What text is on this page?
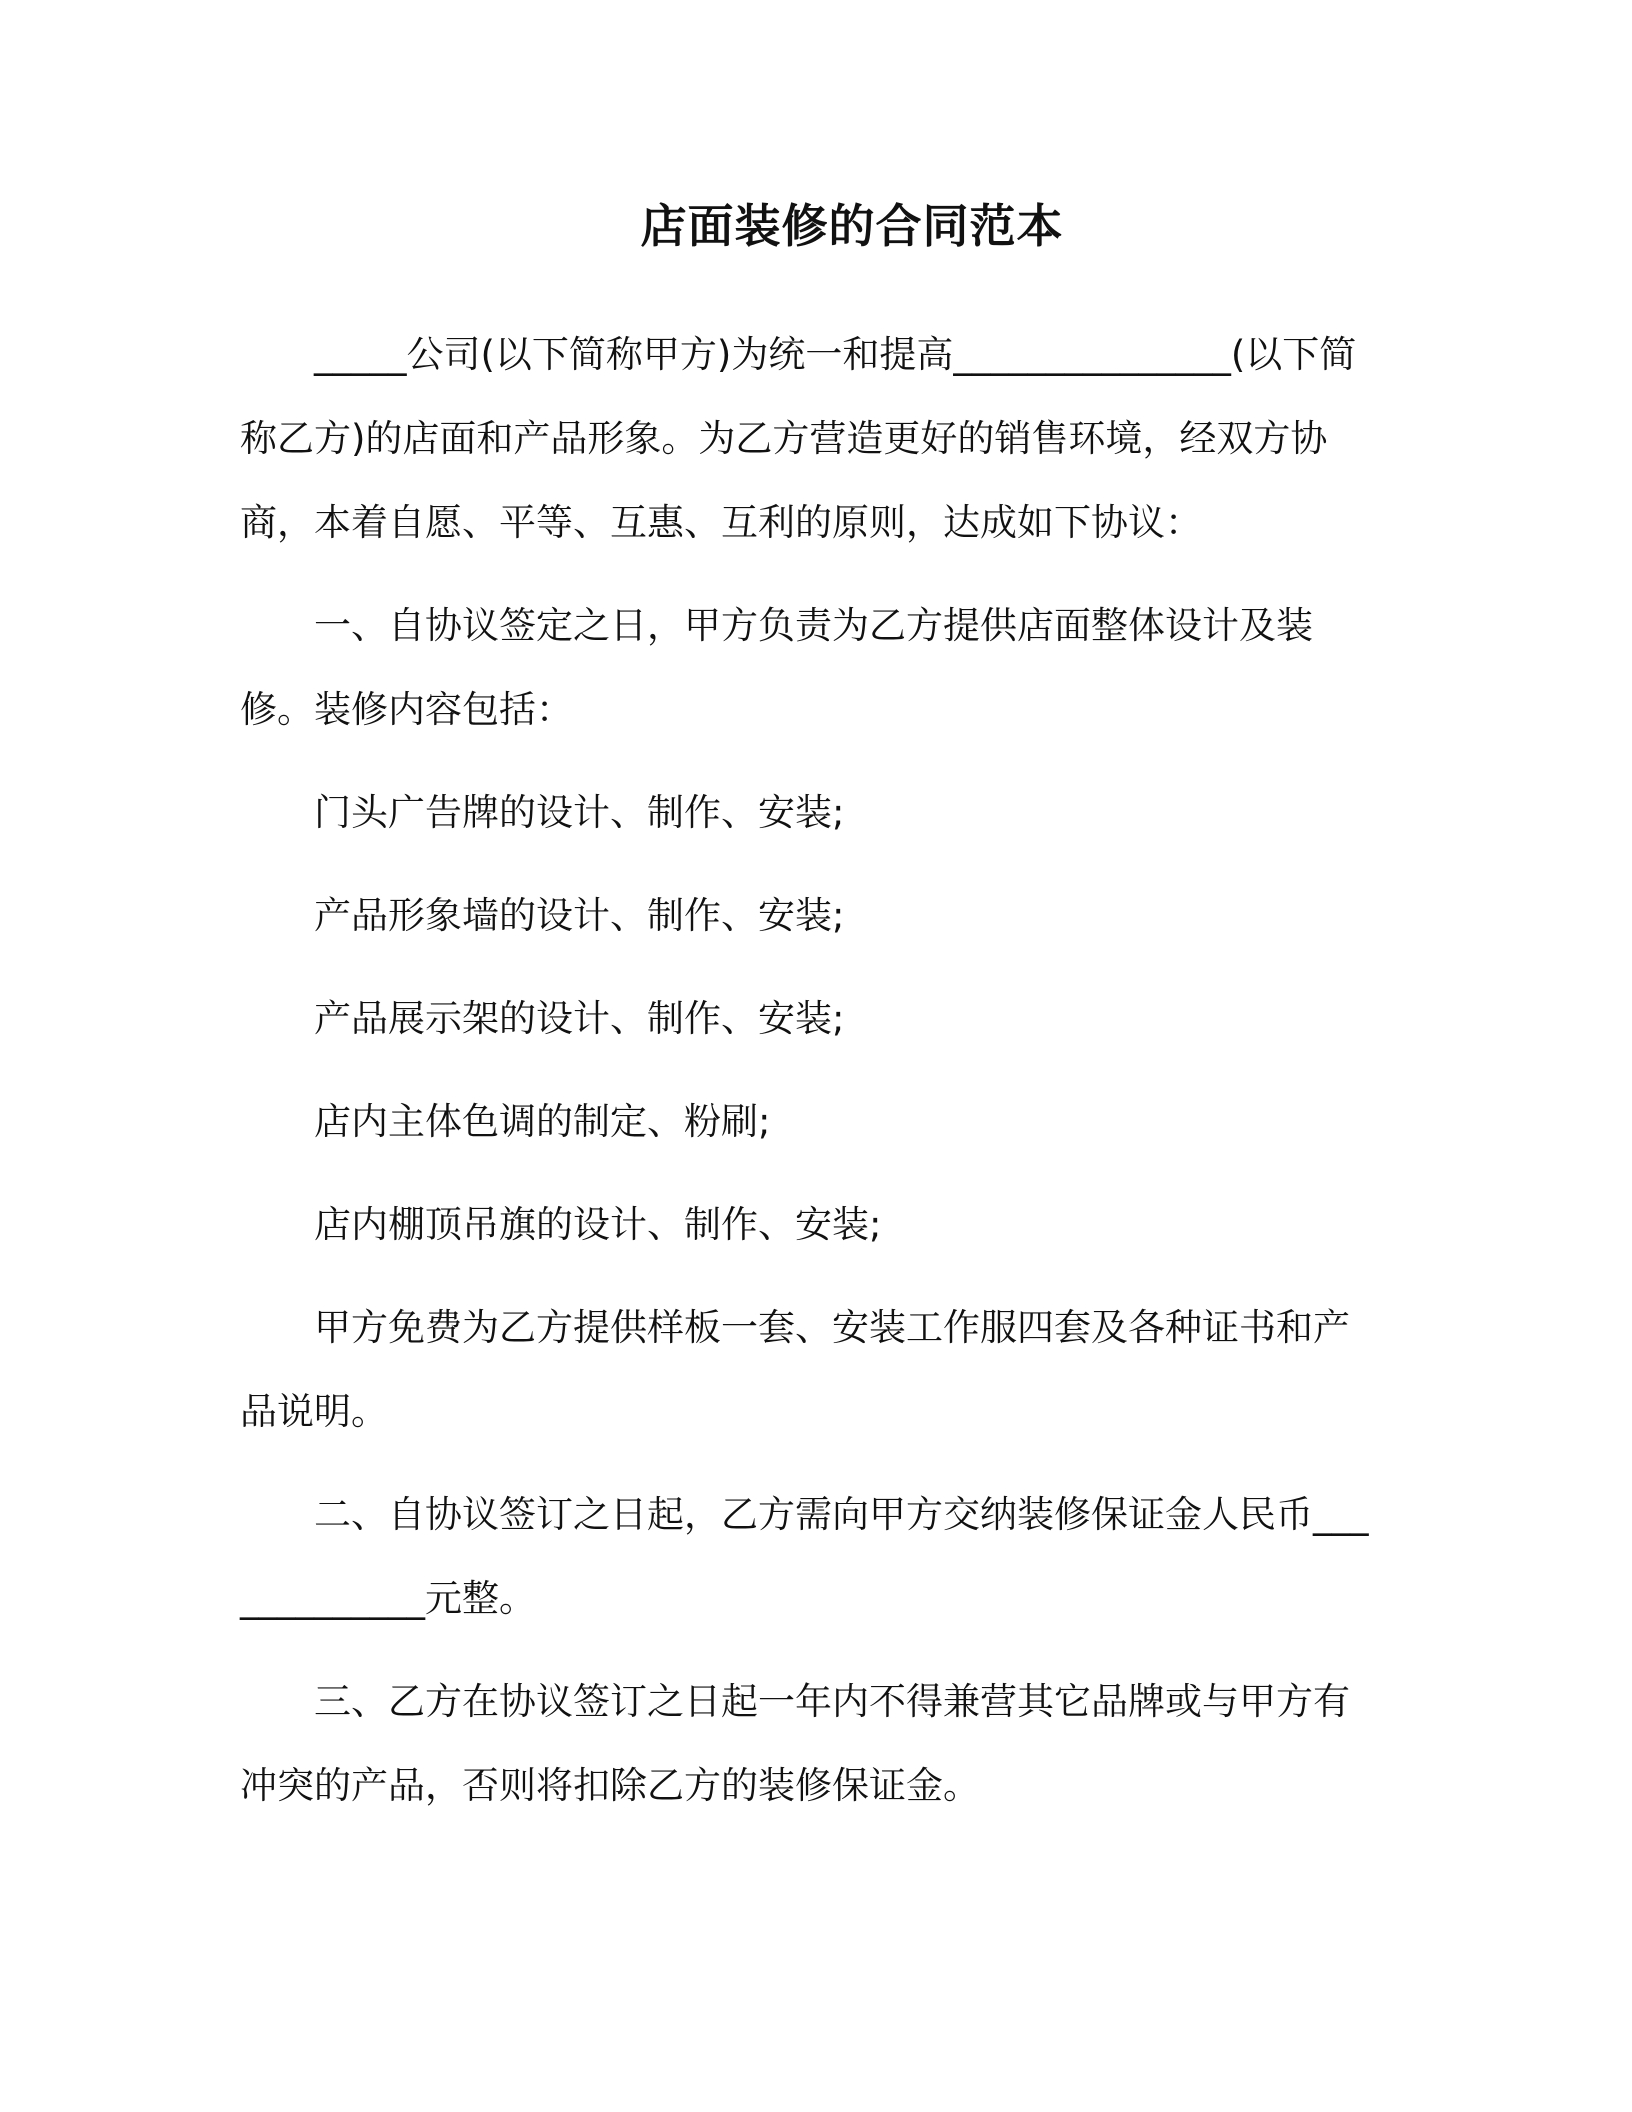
店面装修的合同范本

_____公司(以下简称甲方)为统一和提高_______________(以下简称乙方)的店面和产品形象。为乙方营造更好的销售环境，经双方协商，本着自愿、平等、互惠、互利的原则，达成如下协议：

一、自协议签定之日，甲方负责为乙方提供店面整体设计及装修。装修内容包括：

门头广告牌的设计、制作、安装;

产品形象墙的设计、制作、安装;

产品展示架的设计、制作、安装;

店内主体色调的制定、粉刷;

店内棚顶吊旗的设计、制作、安装;

甲方免费为乙方提供样板一套、安装工作服四套及各种证书和产品说明。

二、自协议签订之日起，乙方需向甲方交纳装修保证金人民币_____________元整。

三、乙方在协议签订之日起一年内不得兼营其它品牌或与甲方有冲突的产品，否则将扣除乙方的装修保证金。
